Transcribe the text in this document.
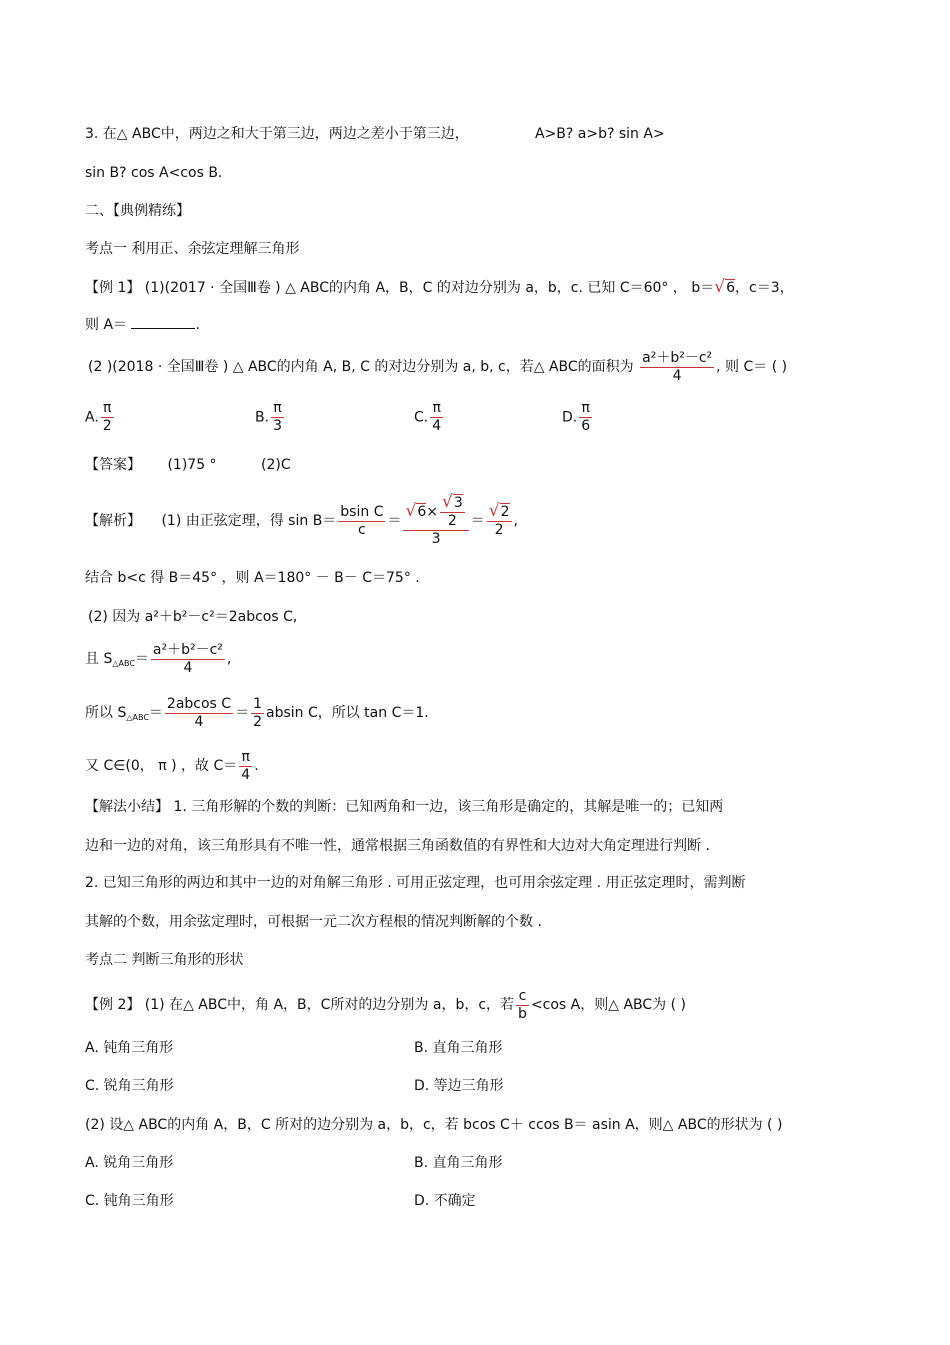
3. 在△ ABC中，两边之和大于第三边，两边之差小于第三边，	A>B? a>b? sin A>
sin B? cos A<cos B.
二、【典例精练】
考点一 利用正、余弦定理解三角形
【例 1】 (1)(2017 · 全国Ⅲ卷 ) △ ABC的内角 A，B，C 的对边分别为 a，b，c. 已知 C＝60° ， b＝√6，c＝3，
则 A＝	.
(2 )(2018 · 全国Ⅲ卷 ) △ ABC的内角 A, B, C 的对边分别为 a, b, c，若△ ABC的面积为 $\frac{\text{a²＋b²－c²}}{4}$ , 则 C＝ ( )
A. $\frac{\pi}{2}$	B. $\frac{\pi}{3}$	C. $\frac{\pi}{4}$	D. $\frac{\pi}{6}$
【答案】 (1)75 °	(2)C
【解析】 (1) 由正弦定理，得 $\sin B= \frac{\text{bsin C}}{c} = \frac{√6\times \frac{√3}{2}}{3} = \frac{√2}{2}$ ,
结合 b<c 得 B＝45° ，则 A＝180° － B－ C＝75° .
(2) 因为 a²＋b²－c²＝2abcos C,
且 $S_{\triangle ABC}= \frac{\text{a²＋b²－c²}}{4}$ ,
所以 $S_{\triangle ABC}= \frac{\text{2abcos C}}{4} = \frac{1}{2}$ absin C，所以 tan C＝1.
又 C∈(0， π ) ，故 $C= \frac{\pi}{4}$ .
【解法小结】 1. 三角形解的个数的判断：已知两角和一边，该三角形是确定的，其解是唯一的；已知两
边和一边的对角，该三角形具有不唯一性，通常根据三角函数值的有界性和大边对大角定理进行判断 .
2. 已知三角形的两边和其中一边的对角解三角形 . 可用正弦定理，也可用余弦定理 . 用正弦定理时，需判断
其解的个数，用余弦定理时，可根据一元二次方程根的情况判断解的个数 .
考点二 判断三角形的形状
【例 2】 (1) 在△ ABC中，角 A，B，C所对的边分别为 a，b，c，若 $\frac{c}{b} <\cos$ A，则△ ABC为 ( )
A. 钝角三角形	B. 直角三角形
C. 锐角三角形	D. 等边三角形
(2) 设△ ABC的内角 A，B，C 所对的边分别为 a，b，c，若 bcos C＋ ccos B＝ asin A，则△ ABC的形状为 ( )
A. 锐角三角形	B. 直角三角形
C. 钝角三角形	D. 不确定
